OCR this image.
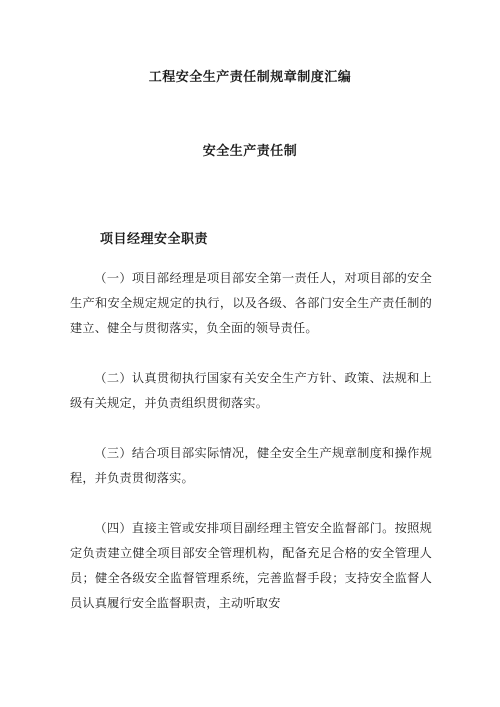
工程安全生产责任制规章制度汇编
安全生产责任制
项目经理安全职责

（一）项目部经理是项目部安全第一责任人，对项目部的安全生产和安全规定规定的执行，以及各级、各部门安全生产责任制的建立、健全与贯彻落实，负全面的领导责任。

（二）认真贯彻执行国家有关安全生产方针、政策、法规和上级有关规定，并负责组织贯彻落实。

（三）结合项目部实际情况，健全安全生产规章制度和操作规程，并负责贯彻落实。

（四）直接主管或安排项目副经理主管安全监督部门。按照规定负责建立健全项目部安全管理机构，配备充足合格的安全管理人员；健全各级安全监督管理系统，完善监督手段；支持安全监督人员认真履行安全监督职责，主动听取安
